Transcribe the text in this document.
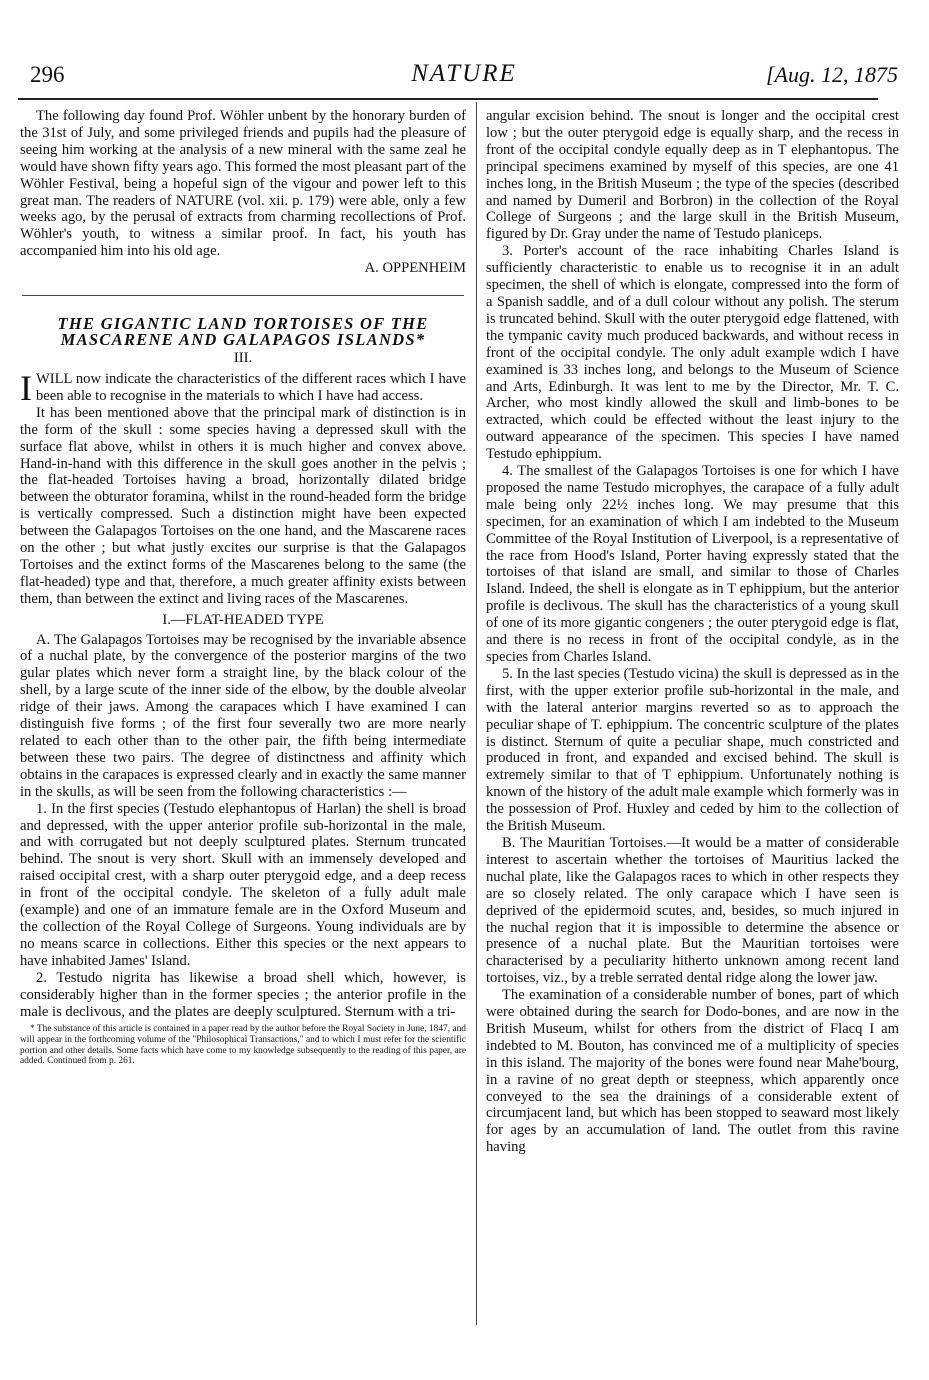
296	NATURE	[Aug. 12, 1875

The following day found Prof. Wöhler unbent by the honorary burden of the 31st of July, and some privileged friends and pupils had the pleasure of seeing him working at the analysis of a new mineral with the same zeal he would have shown fifty years ago. This formed the most pleasant part of the Wöhler Festival, being a hopeful sign of the vigour and power left to this great man. The readers of NATURE (vol. xii. p. 179) were able, only a few weeks ago, by the perusal of extracts from charming recollections of Prof. Wöhler's youth, to witness a similar proof. In fact, his youth has accompanied him into his old age.

A. OPPENHEIM

THE GIGANTIC LAND TORTOISES OF THE MASCARENE AND GALAPAGOS ISLANDS*
III.

I WILL now indicate the characteristics of the different races which I have been able to recognise in the materials to which I have had access.

It has been mentioned above that the principal mark of distinction is in the form of the skull : some species having a depressed skull with the surface flat above, whilst in others it is much higher and convex above. Hand-in-hand with this difference in the skull goes another in the pelvis ; the flat-headed Tortoises having a broad, horizontally dilated bridge between the obturator foramina, whilst in the round-headed form the bridge is vertically compressed. Such a distinction might have been expected between the Galapagos Tortoises on the one hand, and the Mascarene races on the other ; but what justly excites our surprise is that the Galapagos Tortoises and the extinct forms of the Mascarenes belong to the same (the flat-headed) type and that, therefore, a much greater affinity exists between them, than between the extinct and living races of the Mascarenes.

I.—FLAT-HEADED TYPE

A. The Galapagos Tortoises may be recognised by the invariable absence of a nuchal plate, by the convergence of the posterior margins of the two gular plates which never form a straight line, by the black colour of the shell, by a large scute of the inner side of the elbow, by the double alveolar ridge of their jaws. Among the carapaces which I have examined I can distinguish five forms ; of the first four severally two are more nearly related to each other than to the other pair, the fifth being intermediate between these two pairs. The degree of distinctness and affinity which obtains in the carapaces is expressed clearly and in exactly the same manner in the skulls, as will be seen from the following characteristics :—

1. In the first species (Testudo elephantopus of Harlan) the shell is broad and depressed, with the upper anterior profile sub-horizontal in the male, and with corrugated but not deeply sculptured plates. Sternum truncated behind. The snout is very short. Skull with an immensely developed and raised occipital crest, with a sharp outer pterygoid edge, and a deep recess in front of the occipital condyle. The skeleton of a fully adult male (example) and one of an immature female are in the Oxford Museum and the collection of the Royal College of Surgeons. Young individuals are by no means scarce in collections. Either this species or the next appears to have inhabited James' Island.

2. Testudo nigrita has likewise a broad shell which, however, is considerably higher than in the former species ; the anterior profile in the male is declivous, and the plates are deeply sculptured. Sternum with a tri-

* The substance of this article is contained in a paper read by the author before the Royal Society in June, 1847, and will appear in the forthcoming volume of the "Philosophical Transactions," and to which I must refer for the scientific portion and other details. Some facts which have come to my knowledge subsequently to the reading of this paper, are added. Continued from p. 261.

angular excision behind. The snout is longer and the occipital crest low ; but the outer pterygoid edge is equally sharp, and the recess in front of the occipital condyle equally deep as in T elephantopus. The principal specimens examined by myself of this species, are one 41 inches long, in the British Museum ; the type of the species (described and named by Dumeril and Borbron) in the collection of the Royal College of Surgeons ; and the large skull in the British Museum, figured by Dr. Gray under the name of Testudo planiceps.

3. Porter's account of the race inhabiting Charles Island is sufficiently characteristic to enable us to recognise it in an adult specimen, the shell of which is elongate, compressed into the form of a Spanish saddle, and of a dull colour without any polish. The sterum is truncated behind. Skull with the outer pterygoid edge flattened, with the tympanic cavity much produced backwards, and without recess in front of the occipital condyle. The only adult example wdich I have examined is 33 inches long, and belongs to the Museum of Science and Arts, Edinburgh. It was lent to me by the Director, Mr. T. C. Archer, who most kindly allowed the skull and limb-bones to be extracted, which could be effected without the least injury to the outward appearance of the specimen. This species I have named Testudo ephippium.

4. The smallest of the Galapagos Tortoises is one for which I have proposed the name Testudo microphyes, the carapace of a fully adult male being only 22½ inches long. We may presume that this specimen, for an examination of which I am indebted to the Museum Committee of the Royal Institution of Liverpool, is a representative of the race from Hood's Island, Porter having expressly stated that the tortoises of that island are small, and similar to those of Charles Island. Indeed, the shell is elongate as in T ephippium, but the anterior profile is declivous. The skull has the characteristics of a young skull of one of its more gigantic congeners ; the outer pterygoid edge is flat, and there is no recess in front of the occipital condyle, as in the species from Charles Island.

5. In the last species (Testudo vicina) the skull is depressed as in the first, with the upper exterior profile sub-horizontal in the male, and with the lateral anterior margins reverted so as to approach the peculiar shape of T. ephippium. The concentric sculpture of the plates is distinct. Sternum of quite a peculiar shape, much constricted and produced in front, and expanded and excised behind. The skull is extremely similar to that of T ephippium. Unfortunately nothing is known of the history of the adult male example which formerly was in the possession of Prof. Huxley and ceded by him to the collection of the British Museum.

B. The Mauritian Tortoises.—It would be a matter of considerable interest to ascertain whether the tortoises of Mauritius lacked the nuchal plate, like the Galapagos races to which in other respects they are so closely related. The only carapace which I have seen is deprived of the epidermoid scutes, and, besides, so much injured in the nuchal region that it is impossible to determine the absence or presence of a nuchal plate. But the Mauritian tortoises were characterised by a peculiarity hitherto unknown among recent land tortoises, viz., by a treble serrated dental ridge along the lower jaw.

The examination of a considerable number of bones, part of which were obtained during the search for Dodo-bones, and are now in the British Museum, whilst for others from the district of Flacq I am indebted to M. Bouton, has convinced me of a multiplicity of species in this island. The majority of the bones were found near Mahe'bourg, in a ravine of no great depth or steepness, which apparently once conveyed to the sea the drainings of a considerable extent of circumjacent land, but which has been stopped to seaward most likely for ages by an accumulation of land. The outlet from this ravine having
